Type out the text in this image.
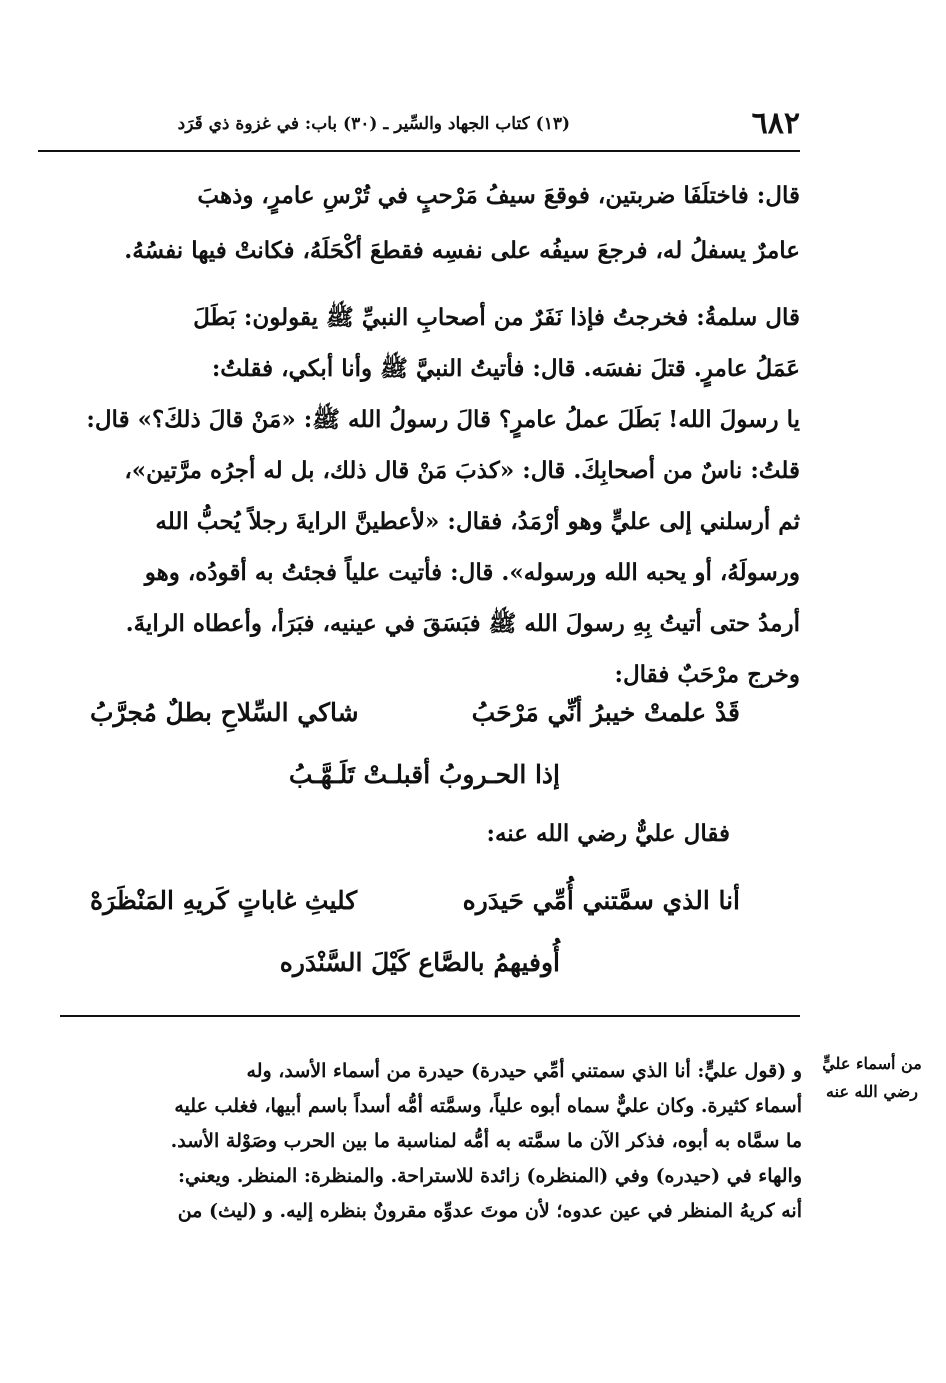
٦٨٢
(١٣) كتاب الجهاد والسِّير ـ (٣٠) باب: في غزوة ذي قَرَد

قال: فاختلَفَا ضربتين، فوقعَ سيفُ مَرْحبٍ في تُرْسِ عامرٍ، وذهبَ

عامرٌ يسفلُ له، فرجعَ سيفُه على نفسِه فقطعَ أكْحَلَهُ، فكانتْ فيها نفسُهُ.

قال سلمةُ: فخرجتُ فإذا نَفَرٌ من أصحابِ النبيِّ ﷺ يقولون: بَطَلَ

عَمَلُ عامرٍ. قتلَ نفسَه. قال: فأتيتُ النبيَّ ﷺ وأنا أبكي، فقلتُ:

يا رسولَ الله! بَطَلَ عملُ عامرٍ؟ قالَ رسولُ الله ﷺ: «مَنْ قالَ ذلكَ؟» قال:

قلتُ: ناسٌ من أصحابِكَ. قال: «كذبَ مَنْ قال ذلك، بل له أجرُه مرَّتين»،

ثم أرسلني إلى عليٍّ وهو أرْمَدُ، فقال: «لأعطينَّ الرايةَ رجلاً يُحبُّ الله

ورسولَهُ، أو يحبه الله ورسوله». قال: فأتيت علياً فجئتُ به أقودُه، وهو

أرمدُ حتى أتيتُ بِهِ رسولَ الله ﷺ فبَسَقَ في عينيه، فبَرَأ، وأعطاه الرايةَ.

وخرج مرْحَبٌ فقال:

قَدْ علمتْ خيبرُ أنِّي مَرْحَبُ
شاكي السِّلاحِ بطلٌ مُجرَّبُ
إذا الحـروبُ أقبلـتْ تَلَـهَّـبُ
فقال عليٌّ رضي الله عنه:
أنا الذي سمَّتني أُمِّي حَيدَره
كليثِ غاباتٍ كَريهِ المَنْظَرَهْ
أُوفيهمُ بالصَّاع كَيْلَ السَّنْدَره
من أسماء عليٍّ
رضي الله عنه

و (قول عليٍّ: أنا الذي سمتني أمِّي حيدرة) حيدرة من أسماء الأسد، وله

أسماء كثيرة. وكان عليٌّ سماه أبوه علياً، وسمَّته أمُّه أسداً باسم أبيها، فغلب عليه

ما سمَّاه به أبوه، فذكر الآن ما سمَّته به أمُّه لمناسبة ما بين الحرب وصَوْلة الأسد.

والهاء في (حيدره) وفي (المنظره) زائدة للاستراحة. والمنظرة: المنظر. ويعني:

أنه كريهُ المنظر في عين عدوه؛ لأن موتَ عدوِّه مقرونٌ بنظره إليه. و (ليث) من
